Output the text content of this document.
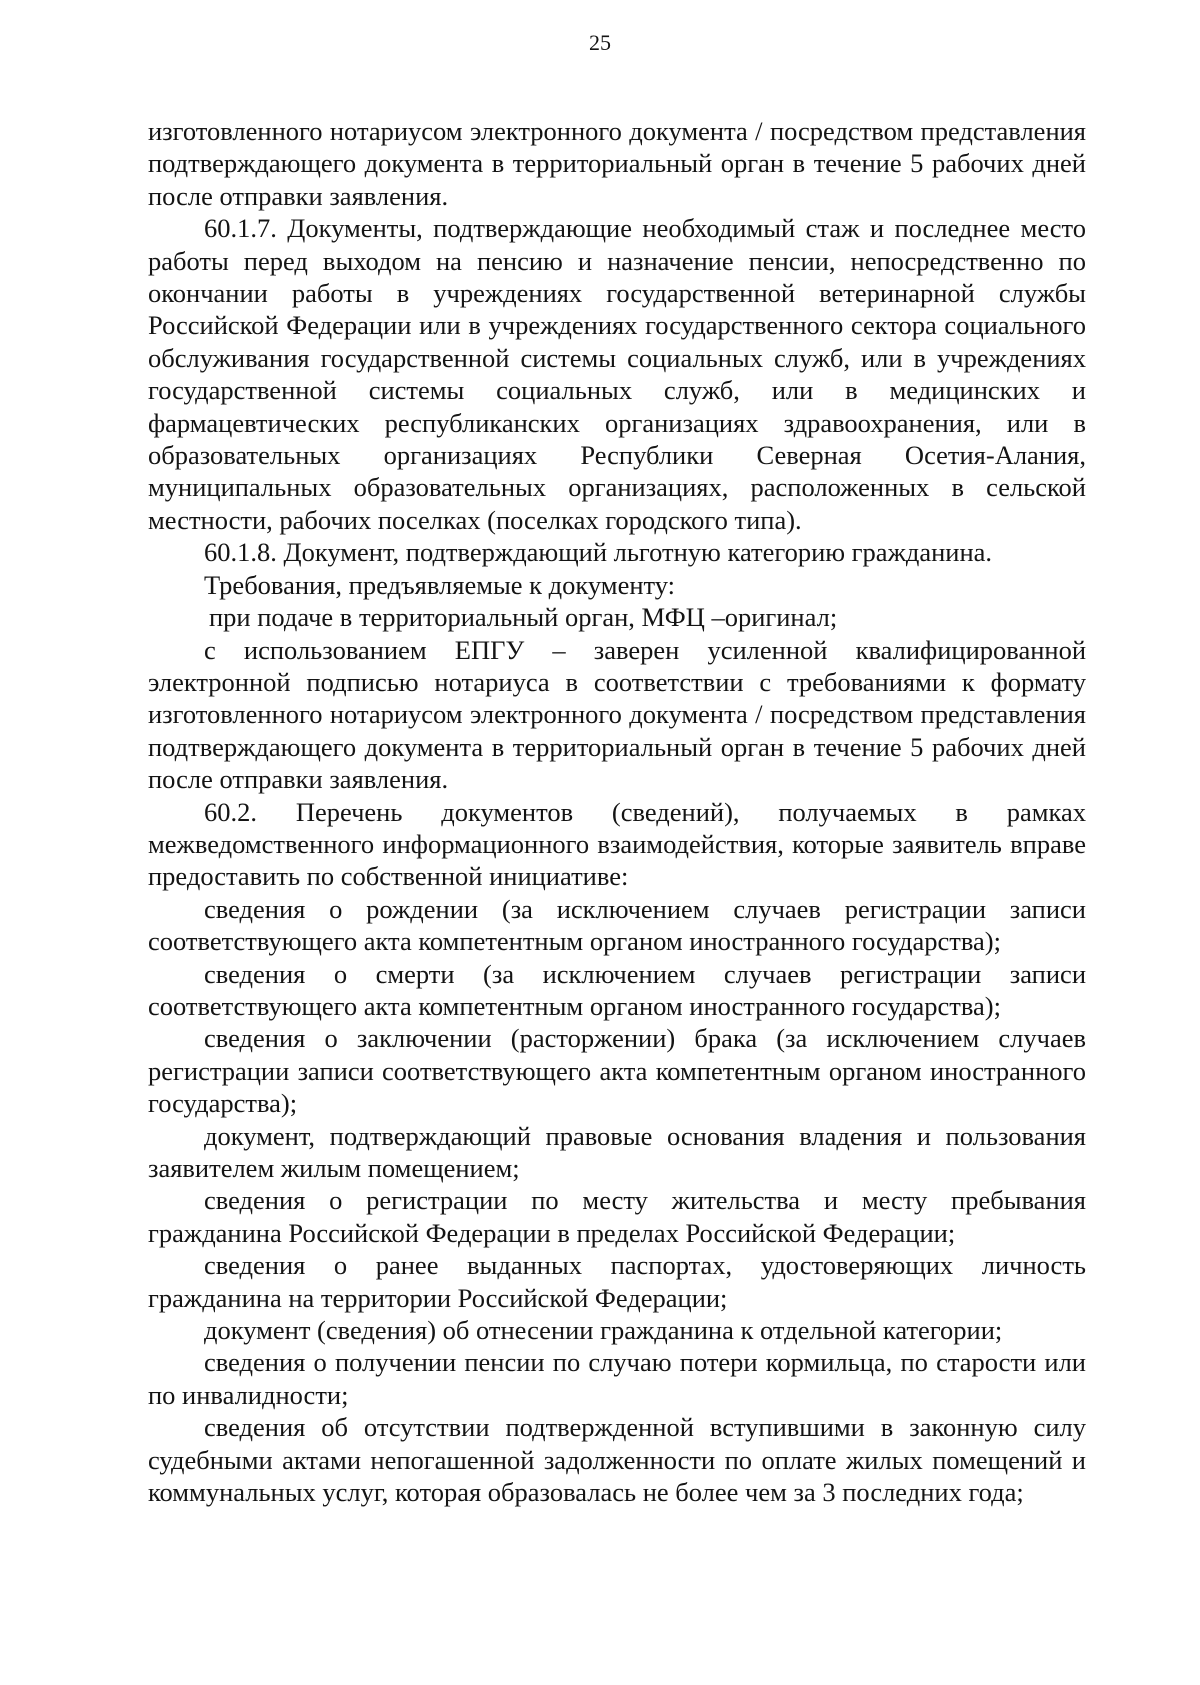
25

изготовленного нотариусом электронного документа / посредством представления подтверждающего документа в территориальный орган в течение 5 рабочих дней после отправки заявления.

60.1.7. Документы, подтверждающие необходимый стаж и последнее место работы перед выходом на пенсию и назначение пенсии, непосредственно по окончании работы в учреждениях государственной ветеринарной службы Российской Федерации или в учреждениях государственного сектора социального обслуживания государственной системы социальных служб, или в учреждениях государственной системы социальных служб, или в медицинских и фармацевтических республиканских организациях здравоохранения, или в образовательных организациях Республики Северная Осетия-Алания, муниципальных образовательных организациях, расположенных в сельской местности, рабочих поселках (поселках городского типа).

60.1.8. Документ, подтверждающий льготную категорию гражданина.

Требования, предъявляемые к документу:

при подаче в территориальный орган, МФЦ –оригинал;

с использованием ЕПГУ – заверен усиленной квалифицированной электронной подписью нотариуса в соответствии с требованиями к формату изготовленного нотариусом электронного документа / посредством представления подтверждающего документа в территориальный орган в течение 5 рабочих дней после отправки заявления.

60.2. Перечень документов (сведений), получаемых в рамках межведомственного информационного взаимодействия, которые заявитель вправе предоставить по собственной инициативе:

сведения о рождении (за исключением случаев регистрации записи соответствующего акта компетентным органом иностранного государства);

сведения о смерти (за исключением случаев регистрации записи соответствующего акта компетентным органом иностранного государства);

сведения о заключении (расторжении) брака (за исключением случаев регистрации записи соответствующего акта компетентным органом иностранного государства);

документ, подтверждающий правовые основания владения и пользования заявителем жилым помещением;

сведения о регистрации по месту жительства и месту пребывания гражданина Российской Федерации в пределах Российской Федерации;

сведения о ранее выданных паспортах, удостоверяющих личность гражданина на территории Российской Федерации;

документ (сведения) об отнесении гражданина к отдельной категории;

сведения о получении пенсии по случаю потери кормильца, по старости или по инвалидности;

сведения об отсутствии подтвержденной вступившими в законную силу судебными актами непогашенной задолженности по оплате жилых помещений и коммунальных услуг, которая образовалась не более чем за 3 последних года;
